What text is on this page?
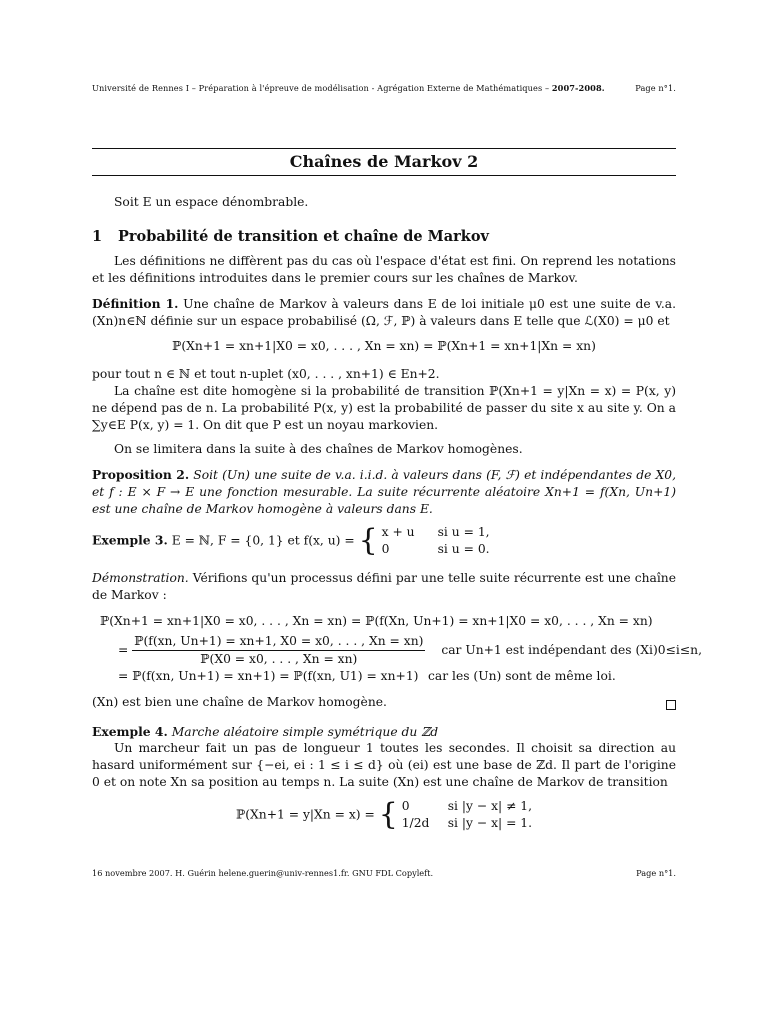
Université de Rennes I – Préparation à l'épreuve de modélisation - Agrégation Externe de Mathématiques – 2007-2008.	Page n°1.
Chaînes de Markov 2
Soit E un espace dénombrable.
1 Probabilité de transition et chaîne de Markov
Les définitions ne diffèrent pas du cas où l'espace d'état est fini. On reprend les notations et les définitions introduites dans le premier cours sur les chaînes de Markov.
Définition 1. Une chaîne de Markov à valeurs dans E de loi initiale μ0 est une suite de v.a. (Xn)n∈ℕ définie sur un espace probabilisé (Ω, ℱ, ℙ) à valeurs dans E telle que ℒ(X0) = μ0 et
ℙ(Xn+1 = xn+1|X0 = x0, . . . , Xn = xn) = ℙ(Xn+1 = xn+1|Xn = xn)
pour tout n ∈ ℕ et tout n-uplet (x0, . . . , xn+1) ∈ En+2.
La chaîne est dite homogène si la probabilité de transition ℙ(Xn+1 = y|Xn = x) = P(x, y) ne dépend pas de n. La probabilité P(x, y) est la probabilité de passer du site x au site y. On a ∑y∈E P(x, y) = 1. On dit que P est un noyau markovien.
On se limitera dans la suite à des chaînes de Markov homogènes.
Proposition 2. Soit (Un) une suite de v.a. i.i.d. à valeurs dans (F, ℱ) et indépendantes de X0, et f : E × F → E une fonction mesurable. La suite récurrente aléatoire Xn+1 = f(Xn, Un+1) est une chaîne de Markov homogène à valeurs dans E.
Exemple 3. E = ℕ, F = {0, 1} et f(x, u) = { x + u si u = 1,
0	si u = 0.
Démonstration. Vérifions qu'un processus défini par une telle suite récurrente est une chaîne de Markov :
ℙ(Xn+1 = xn+1|X0 = x0, . . . , Xn = xn) = ℙ(f(Xn, Un+1) = xn+1|X0 = x0, . . . , Xn = xn)
= $\frac{\text{ℙ(f(xn, Un+1) = xn+1, X0 = x0, . . . , Xn = xn)}}{\text{ℙ(X0 = x0, . . . , Xn = xn)}}$ car Un+1 est indépendant des (Xi)0≤i≤n,
= ℙ(f(xn, Un+1) = xn+1) = ℙ(f(xn, U1) = xn+1) car les (Un) sont de même loi.
(Xn) est bien une chaîne de Markov homogène.
Exemple 4. Marche aléatoire simple symétrique du ℤd
Un marcheur fait un pas de longueur 1 toutes les secondes. Il choisit sa direction au hasard uniformément sur {−ei, ei : 1 ≤ i ≤ d} où (ei) est une base de ℤd. Il part de l'origine 0 et on note Xn sa position au temps n. La suite (Xn) est une chaîne de Markov de transition
ℙ(Xn+1 = y|Xn = x) = { 0	si |y − x| ≠ 1,
1/2d si |y − x| = 1.
16 novembre 2007. H. Guérin helene.guerin@univ-rennes1.fr. GNU FDL Copyleft.	Page n°1.
